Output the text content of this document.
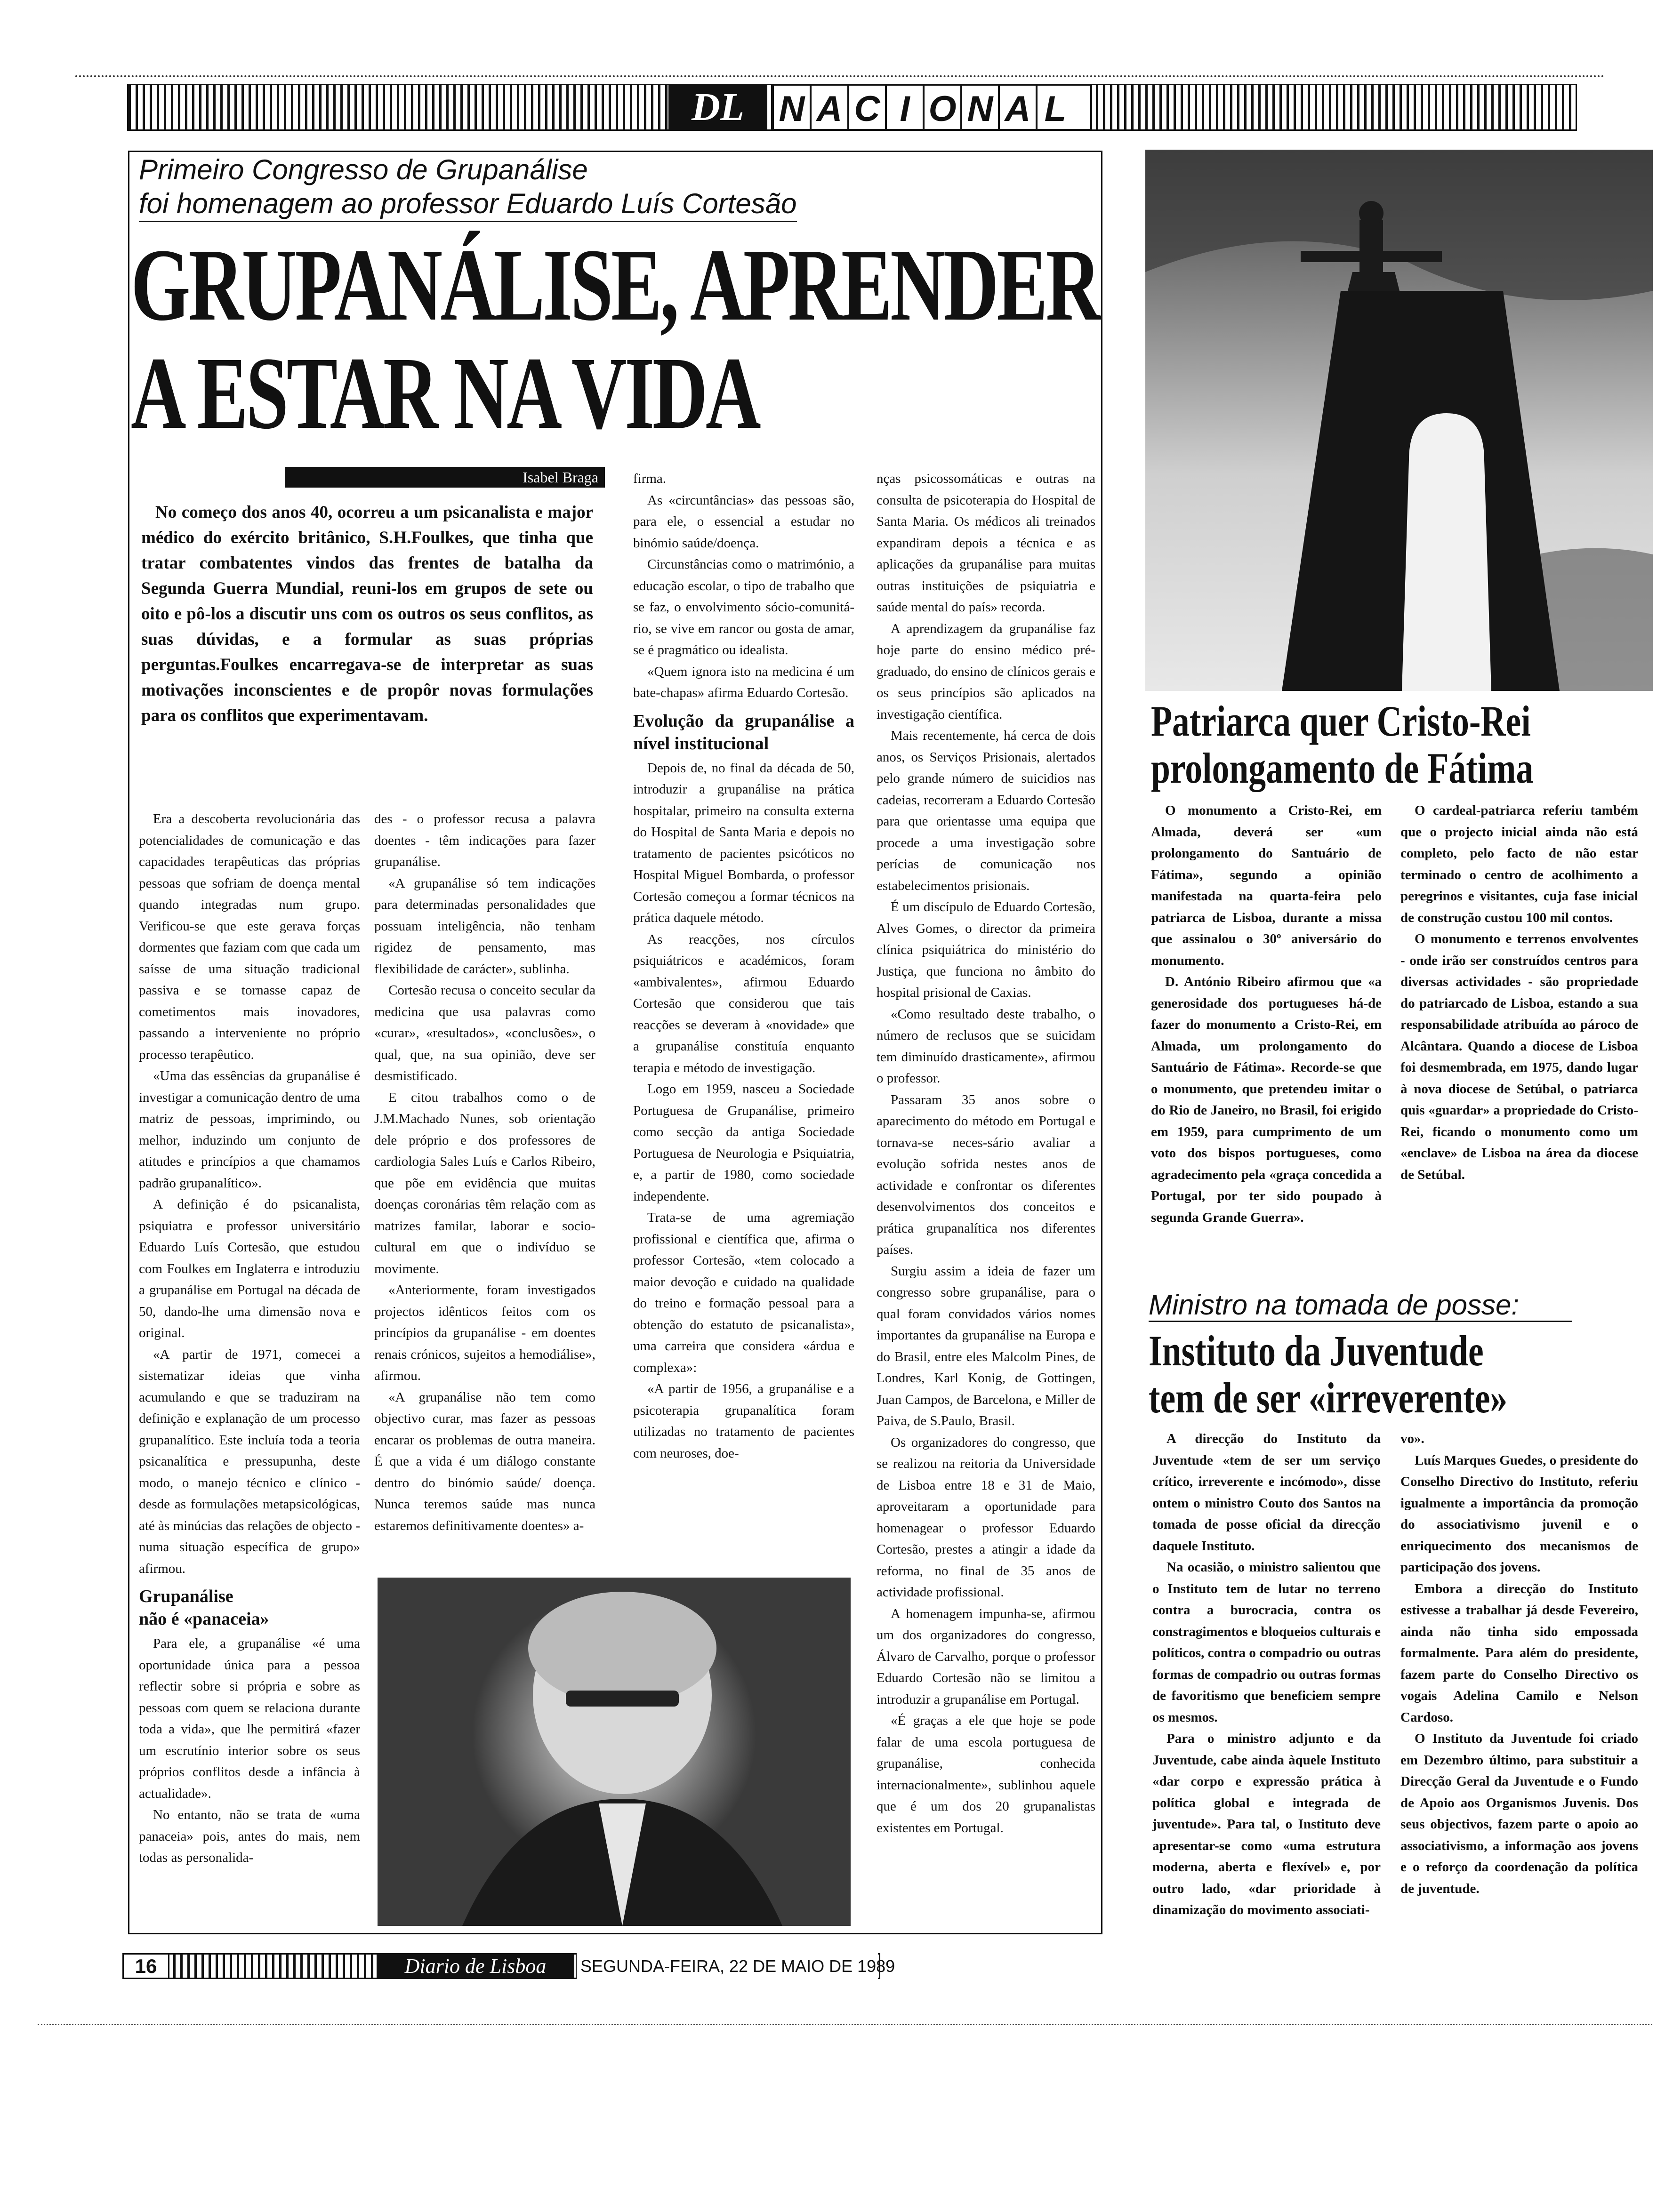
DL N A C I O N A L
Primeiro Congresso de Grupanálise
foi homenagem ao professor Eduardo Luís Cortesão
GRUPANÁLISE, APRENDER
A ESTAR NA VIDA
Isabel Braga

No começo dos anos 40, ocorreu a um psicanalista e major médico do exército britânico, S.H.Foulkes, que tinha que tratar combatentes vindos das frentes de batalha da Segunda Guerra Mundial, reuni-los em grupos de sete ou oito e pô-los a discutir uns com os outros os seus conflitos, as suas dúvidas, e a formular as suas próprias perguntas.Foulkes encarregava-se de interpretar as suas motivações inconscientes e de propôr novas formulações para os conflitos que experimentavam.

Era a descoberta revolucionária das potencialidades de comunicação e das capacidades terapêuticas das próprias pessoas que sofriam de doença mental quando integradas num grupo. Verificou-se que este gerava forças dormentes que faziam com que cada um saísse de uma situação tradicional passiva e se tornasse capaz de cometimentos mais inovadores, passando a interveniente no próprio processo terapêutico.

«Uma das essências da grupanálise é investigar a comunicação dentro de uma matriz de pessoas, imprimindo, ou melhor, induzindo um conjunto de atitudes e princípios a que chamamos padrão grupanalítico».

A definição é do psicanalista, psiquiatra e professor universitário Eduardo Luís Cortesão, que estudou com Foulkes em Inglaterra e introduziu a grupanálise em Portugal na década de 50, dando-lhe uma dimensão nova e original.

«A partir de 1971, comecei a sistematizar ideias que vinha acumulando e que se traduziram na definição e explanação de um processo grupanalítico. Este incluía toda a teoria psicanalítica e pressupunha, deste modo, o manejo técnico e clínico - desde as formulações metapsicológicas, até às minúcias das relações de objecto - numa situação específica de grupo» afirmou.

Grupanálise
não é «panaceia»

Para ele, a grupanálise «é uma oportunidade única para a pessoa reflectir sobre si própria e sobre as pessoas com quem se relaciona durante toda a vida», que lhe permitirá «fazer um escrutínio interior sobre os seus próprios conflitos desde a infância à actualidade».

No entanto, não se trata de «uma panaceia» pois, antes do mais, nem todas as personalida-

des - o professor recusa a palavra doentes - têm indicações para fazer grupanálise.

«A grupanálise só tem indicações para determinadas personalidades que possuam inteligência, não tenham rigidez de pensamento, mas flexibilidade de carácter», sublinha.

Cortesão recusa o conceito secular da medicina que usa palavras como «curar», «resultados», «conclusões», o qual, que, na sua opinião, deve ser desmistificado.

E citou trabalhos como o de J.M.Machado Nunes, sob orientação dele próprio e dos professores de cardiologia Sales Luís e Carlos Ribeiro, que põe em evidência que muitas doenças coronárias têm relação com as matrizes familar, laborar e socio-cultural em que o indivíduo se movimente.

«Anteriormente, foram investigados projectos idênticos feitos com os princípios da grupanálise - em doentes renais crónicos, sujeitos a hemodiálise», afirmou.

«A grupanálise não tem como objectivo curar, mas fazer as pessoas encarar os problemas de outra maneira. É que a vida é um diálogo constante dentro do binómio saúde/ doença. Nunca teremos saúde mas nunca estaremos definitivamente doentes» a-

firma.

As «circuntâncias» das pessoas são, para ele, o essencial a estudar no binómio saúde/doença.

Circunstâncias como o matrimónio, a educação escolar, o tipo de trabalho que se faz, o envolvimento sócio-comunitá-rio, se vive em rancor ou gosta de amar, se é pragmático ou idealista.

«Quem ignora isto na medicina é um bate-chapas» afirma Eduardo Cortesão.

Evolução da grupanálise a nível institucional

Depois de, no final da década de 50, introduzir a grupanálise na prática hospitalar, primeiro na consulta externa do Hospital de Santa Maria e depois no tratamento de pacientes psicóticos no Hospital Miguel Bombarda, o professor Cortesão começou a formar técnicos na prática daquele método.

As reacções, nos círculos psiquiátricos e académicos, foram «ambivalentes», afirmou Eduardo Cortesão que considerou que tais reacções se deveram à «novidade» que a grupanálise constituía enquanto terapia e método de investigação.

Logo em 1959, nasceu a Sociedade Portuguesa de Grupanálise, primeiro como secção da antiga Sociedade Portuguesa de Neurologia e Psiquiatria, e, a partir de 1980, como sociedade independente.

Trata-se de uma agremiação profissional e científica que, afirma o professor Cortesão, «tem colocado a maior devoção e cuidado na qualidade do treino e formação pessoal para a obtenção do estatuto de psicanalista», uma carreira que considera «árdua e complexa»:

«A partir de 1956, a grupanálise e a psicoterapia grupanalítica foram utilizadas no tratamento de pacientes com neuroses, doe-

nças psicossomáticas e outras na consulta de psicoterapia do Hospital de Santa Maria. Os médicos ali treinados expandiram depois a técnica e as aplicações da grupanálise para muitas outras instituições de psiquiatria e saúde mental do país» recorda.

A aprendizagem da grupanálise faz hoje parte do ensino médico pré-graduado, do ensino de clínicos gerais e os seus princípios são aplicados na investigação científica.

Mais recentemente, há cerca de dois anos, os Serviços Prisionais, alertados pelo grande número de suicidios nas cadeias, recorreram a Eduardo Cortesão para que orientasse uma equipa que procede a uma investigação sobre perícias de comunicação nos estabelecimentos prisionais.

É um discípulo de Eduardo Cortesão, Alves Gomes, o director da primeira clínica psiquiátrica do ministério do Justiça, que funciona no âmbito do hospital prisional de Caxias.

«Como resultado deste trabalho, o número de reclusos que se suicidam tem diminuído drasticamente», afirmou o professor.

Passaram 35 anos sobre o aparecimento do método em Portugal e tornava-se neces-sário avaliar a evolução sofrida nestes anos de actividade e confrontar os diferentes desenvolvimentos dos conceitos e prática grupanalítica nos diferentes países.

Surgiu assim a ideia de fazer um congresso sobre grupanálise, para o qual foram convidados vários nomes importantes da grupanálise na Europa e do Brasil, entre eles Malcolm Pines, de Londres, Karl Konig, de Gottingen, Juan Campos, de Barcelona, e Miller de Paiva, de S.Paulo, Brasil.

Os organizadores do congresso, que se realizou na reitoria da Universidade de Lisboa entre 18 e 31 de Maio, aproveitaram a oportunidade para homenagear o professor Eduardo Cortesão, prestes a atingir a idade da reforma, no final de 35 anos de actividade profissional.

A homenagem impunha-se, afirmou um dos organizadores do congresso, Álvaro de Carvalho, porque o professor Eduardo Cortesão não se limitou a introduzir a grupanálise em Portugal.

«É graças a ele que hoje se pode falar de uma escola portuguesa de grupanálise, conhecida internacionalmente», sublinhou aquele que é um dos 20 grupanalistas existentes em Portugal.

Patriarca quer Cristo-Rei
prolongamento de Fátima

O monumento a Cristo-Rei, em Almada, deverá ser «um prolongamento do Santuário de Fátima», segundo a opinião manifestada na quarta-feira pelo patriarca de Lisboa, durante a missa que assinalou o 30º aniversário do monumento.

D. António Ribeiro afirmou que «a generosidade dos portugueses há-de fazer do monumento a Cristo-Rei, em Almada, um prolongamento do Santuário de Fátima». Recorde-se que o monumento, que pretendeu imitar o do Rio de Janeiro, no Brasil, foi erigido em 1959, para cumprimento de um voto dos bispos portugueses, como agradecimento pela «graça concedida a Portugal, por ter sido poupado à segunda Grande Guerra».

O cardeal-patriarca referiu também que o projecto inicial ainda não está completo, pelo facto de não estar terminado o centro de acolhimento a peregrinos e visitantes, cuja fase inicial de construção custou 100 mil contos.

O monumento e terrenos envolventes - onde irão ser construídos centros para diversas actividades - são propriedade do patriarcado de Lisboa, estando a sua responsabilidade atribuída ao pároco de Alcântara. Quando a diocese de Lisboa foi desmembrada, em 1975, dando lugar à nova diocese de Setúbal, o patriarca quis «guardar» a propriedade do Cristo-Rei, ficando o monumento como um «enclave» de Lisboa na área da diocese de Setúbal.

Ministro na tomada de posse:
Instituto da Juventude
tem de ser «irreverente»

A direcção do Instituto da Juventude «tem de ser um serviço crítico, irreverente e incómodo», disse ontem o ministro Couto dos Santos na tomada de posse oficial da direcção daquele Instituto.

Na ocasião, o ministro salientou que o Instituto tem de lutar no terreno contra a burocracia, contra os constragimentos e bloqueios culturais e políticos, contra o compadrio ou outras formas de compadrio ou outras formas de favoritismo que beneficiem sempre os mesmos.

Para o ministro adjunto e da Juventude, cabe ainda àquele Instituto «dar corpo e expressão prática à política global e integrada de juventude». Para tal, o Instituto deve apresentar-se como «uma estrutura moderna, aberta e flexível» e, por outro lado, «dar prioridade à dinamização do movimento associati-

vo».

Luís Marques Guedes, o presidente do Conselho Directivo do Instituto, referiu igualmente a importância da promoção do associativismo juvenil e o enriquecimento dos mecanismos de participação dos jovens.

Embora a direcção do Instituto estivesse a trabalhar já desde Fevereiro, ainda não tinha sido empossada formalmente. Para além do presidente, fazem parte do Conselho Directivo os vogais Adelina Camilo e Nelson Cardoso.

O Instituto da Juventude foi criado em Dezembro último, para substituir a Direcção Geral da Juventude e o Fundo de Apoio aos Organismos Juvenis. Dos seus objectivos, fazem parte o apoio ao associativismo, a informação aos jovens e o reforço da coordenação da política de juventude.

16	Diario de Lisboa	SEGUNDA-FEIRA, 22 DE MAIO DE 1989
